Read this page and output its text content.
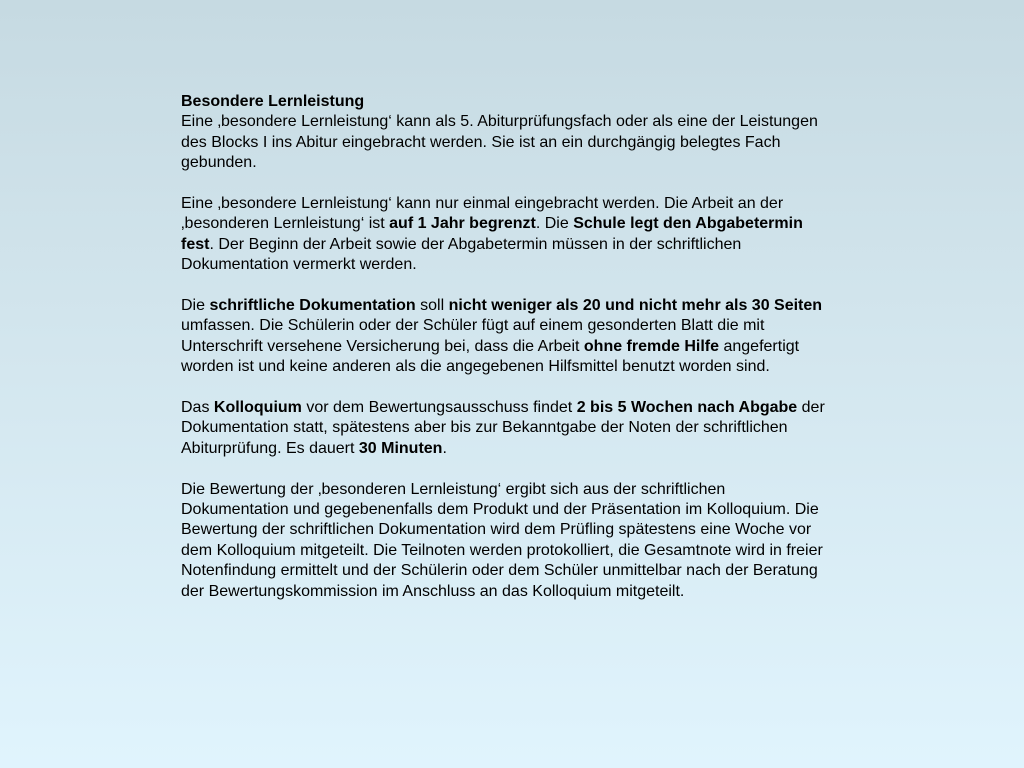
Besondere Lernleistung

Eine ‚besondere Lernleistung‘ kann als 5. Abiturprüfungsfach oder als eine der Leistungen des Blocks I ins Abitur eingebracht werden. Sie ist an ein durchgängig belegtes Fach gebunden.

Eine ‚besondere Lernleistung‘ kann nur einmal eingebracht werden. Die Arbeit an der ‚besonderen Lernleistung‘ ist auf 1 Jahr begrenzt. Die Schule legt den Abgabetermin fest. Der Beginn der Arbeit sowie der Abgabetermin müssen in der schriftlichen Dokumentation vermerkt werden.

Die schriftliche Dokumentation soll nicht weniger als 20 und nicht mehr als 30 Seiten umfassen. Die Schülerin oder der Schüler fügt auf einem gesonderten Blatt die mit Unterschrift versehene Versicherung bei, dass die Arbeit ohne fremde Hilfe angefertigt worden ist und keine anderen als die angegebenen Hilfsmittel benutzt worden sind.

Das Kolloquium vor dem Bewertungsausschuss findet 2 bis 5 Wochen nach Abgabe der Dokumentation statt, spätestens aber bis zur Bekanntgabe der Noten der schriftlichen Abiturprüfung. Es dauert 30 Minuten.

Die Bewertung der ‚besonderen Lernleistung‘ ergibt sich aus der schriftlichen Dokumentation und gegebenenfalls dem Produkt und der Präsentation im Kolloquium. Die Bewertung der schriftlichen Dokumentation wird dem Prüfling spätestens eine Woche vor dem Kolloquium mitgeteilt. Die Teilnoten werden protokolliert, die Gesamtnote wird in freier Notenfindung ermittelt und der Schülerin oder dem Schüler unmittelbar nach der Beratung der Bewertungskommission im Anschluss an das Kolloquium mitgeteilt.
